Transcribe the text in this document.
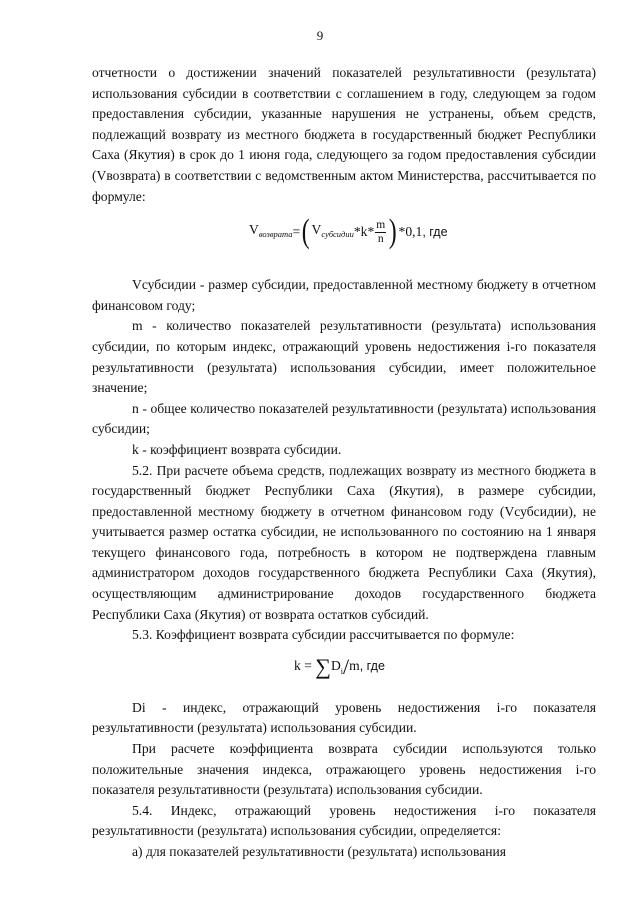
9

отчетности о достижении значений показателей результативности (результата) использования субсидии в соответствии с соглашением в году, следующем за годом предоставления субсидии, указанные нарушения не устранены, объем средств, подлежащий возврату из местного бюджета в государственный бюджет Республики Саха (Якутия) в срок до 1 июня года, следующего за годом предоставления субсидии (Vвозврата) в соответствии с ведомственным актом Министерства, рассчитывается по формуле:

$V_{возврата}=$( $V_{субсидии}*k* \frac{m}{n}$ ) *0,1, где

Vсубсидии - размер субсидии, предоставленной местному бюджету в отчетном финансовом году;

m - количество показателей результативности (результата) использования субсидии, по которым индекс, отражающий уровень недостижения i-го показателя результативности (результата) использования субсидии, имеет положительное значение;

n - общее количество показателей результативности (результата) использования субсидии;

k - коэффициент возврата субсидии.

5.2. При расчете объема средств, подлежащих возврату из местного бюджета в государственный бюджет Республики Саха (Якутия), в размере субсидии, предоставленной местному бюджету в отчетном финансовом году (Vсубсидии), не учитывается размер остатка субсидии, не использованного по состоянию на 1 января текущего финансового года, потребность в котором не подтверждена главным администратором доходов государственного бюджета Республики Саха (Якутия), осуществляющим администрирование доходов государственного бюджета Республики Саха (Якутия) от возврата остатков субсидий.

5.3. Коэффициент возврата субсидии рассчитывается по формуле:

$k = \sum D_i/m$, где

Di - индекс, отражающий уровень недостижения i-го показателя результативности (результата) использования субсидии.

При расчете коэффициента возврата субсидии используются только положительные значения индекса, отражающего уровень недостижения i-го показателя результативности (результата) использования субсидии.

5.4. Индекс, отражающий уровень недостижения i-го показателя результативности (результата) использования субсидии, определяется:

а) для показателей результативности (результата) использования
